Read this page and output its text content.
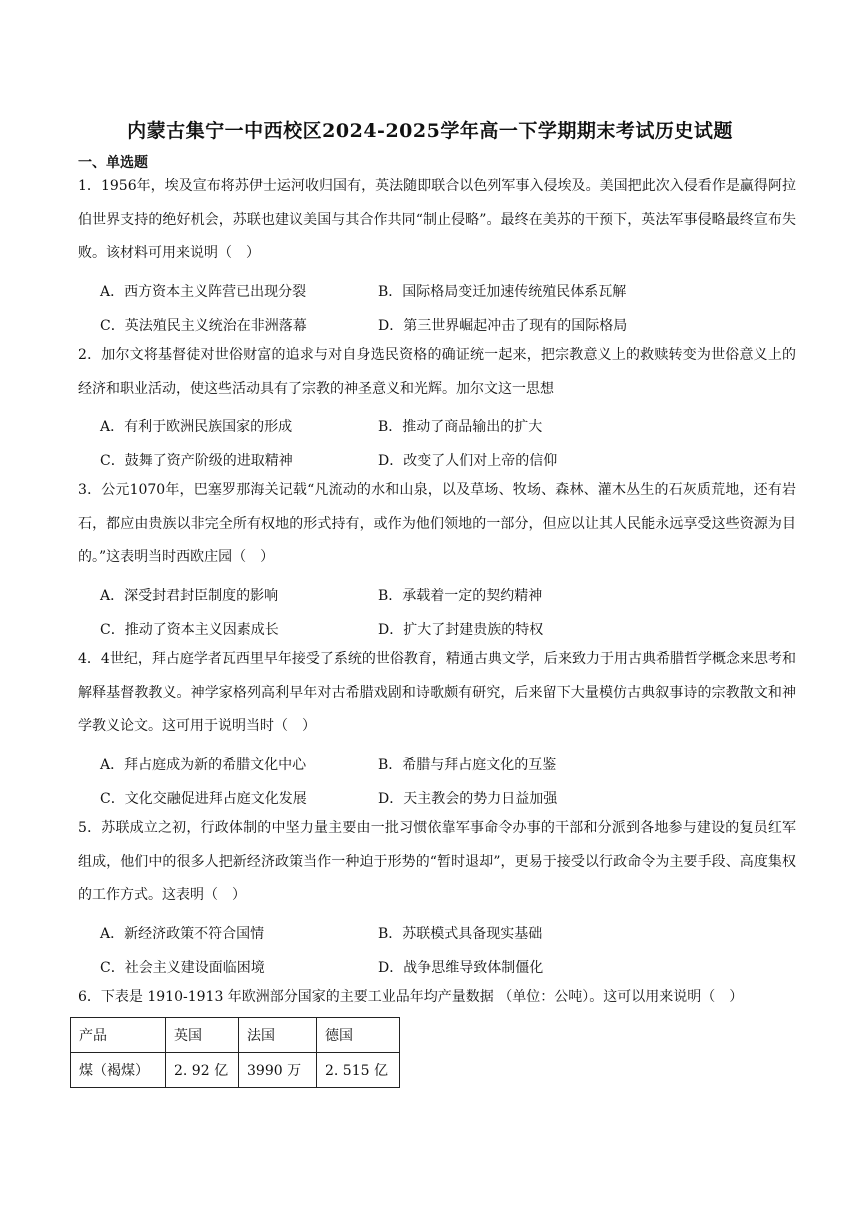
内蒙古集宁一中西校区2024-2025学年高一下学期期末考试历史试题
一、单选题
1．1956年，埃及宣布将苏伊士运河收归国有，英法随即联合以色列军事入侵埃及。美国把此次入侵看作是赢得阿拉伯世界支持的绝好机会，苏联也建议美国与其合作共同“制止侵略”。最终在美苏的干预下，英法军事侵略最终宣布失败。该材料可用来说明（　）
A．西方资本主义阵营已出现分裂	B．国际格局变迁加速传统殖民体系瓦解
C．英法殖民主义统治在非洲落幕	D．第三世界崛起冲击了现有的国际格局
2．加尔文将基督徒对世俗财富的追求与对自身选民资格的确证统一起来，把宗教意义上的救赎转变为世俗意义上的经济和职业活动，使这些活动具有了宗教的神圣意义和光辉。加尔文这一思想
A．有利于欧洲民族国家的形成	B．推动了商品输出的扩大
C．鼓舞了资产阶级的进取精神	D．改变了人们对上帝的信仰
3．公元1070年，巴塞罗那海关记载“凡流动的水和山泉，以及草场、牧场、森林、灌木丛生的石灰质荒地，还有岩石，都应由贵族以非完全所有权地的形式持有，或作为他们领地的一部分，但应以让其人民能永远享受这些资源为目的。”这表明当时西欧庄园（　）
A．深受封君封臣制度的影响	B．承载着一定的契约精神
C．推动了资本主义因素成长	D．扩大了封建贵族的特权
4．4世纪，拜占庭学者瓦西里早年接受了系统的世俗教育，精通古典文学，后来致力于用古典希腊哲学概念来思考和解释基督教教义。神学家格列高利早年对古希腊戏剧和诗歌颇有研究，后来留下大量模仿古典叙事诗的宗教散文和神学教义论文。这可用于说明当时（　）
A．拜占庭成为新的希腊文化中心	B．希腊与拜占庭文化的互鉴
C．文化交融促进拜占庭文化发展	D．天主教会的势力日益加强
5．苏联成立之初，行政体制的中坚力量主要由一批习惯依靠军事命令办事的干部和分派到各地参与建设的复员红军组成，他们中的很多人把新经济政策当作一种迫于形势的“暂时退却”，更易于接受以行政命令为主要手段、高度集权的工作方式。这表明（　）
A．新经济政策不符合国情	B．苏联模式具备现实基础
C．社会主义建设面临困境	D．战争思维导致体制僵化
6．下表是 1910-1913 年欧洲部分国家的主要工业品年均产量数据 （单位：公吨）。这可以用来说明（　）
产品	英国	法国	德国
煤（褐煤）	2. 92 亿	3990 万	2. 515 亿
